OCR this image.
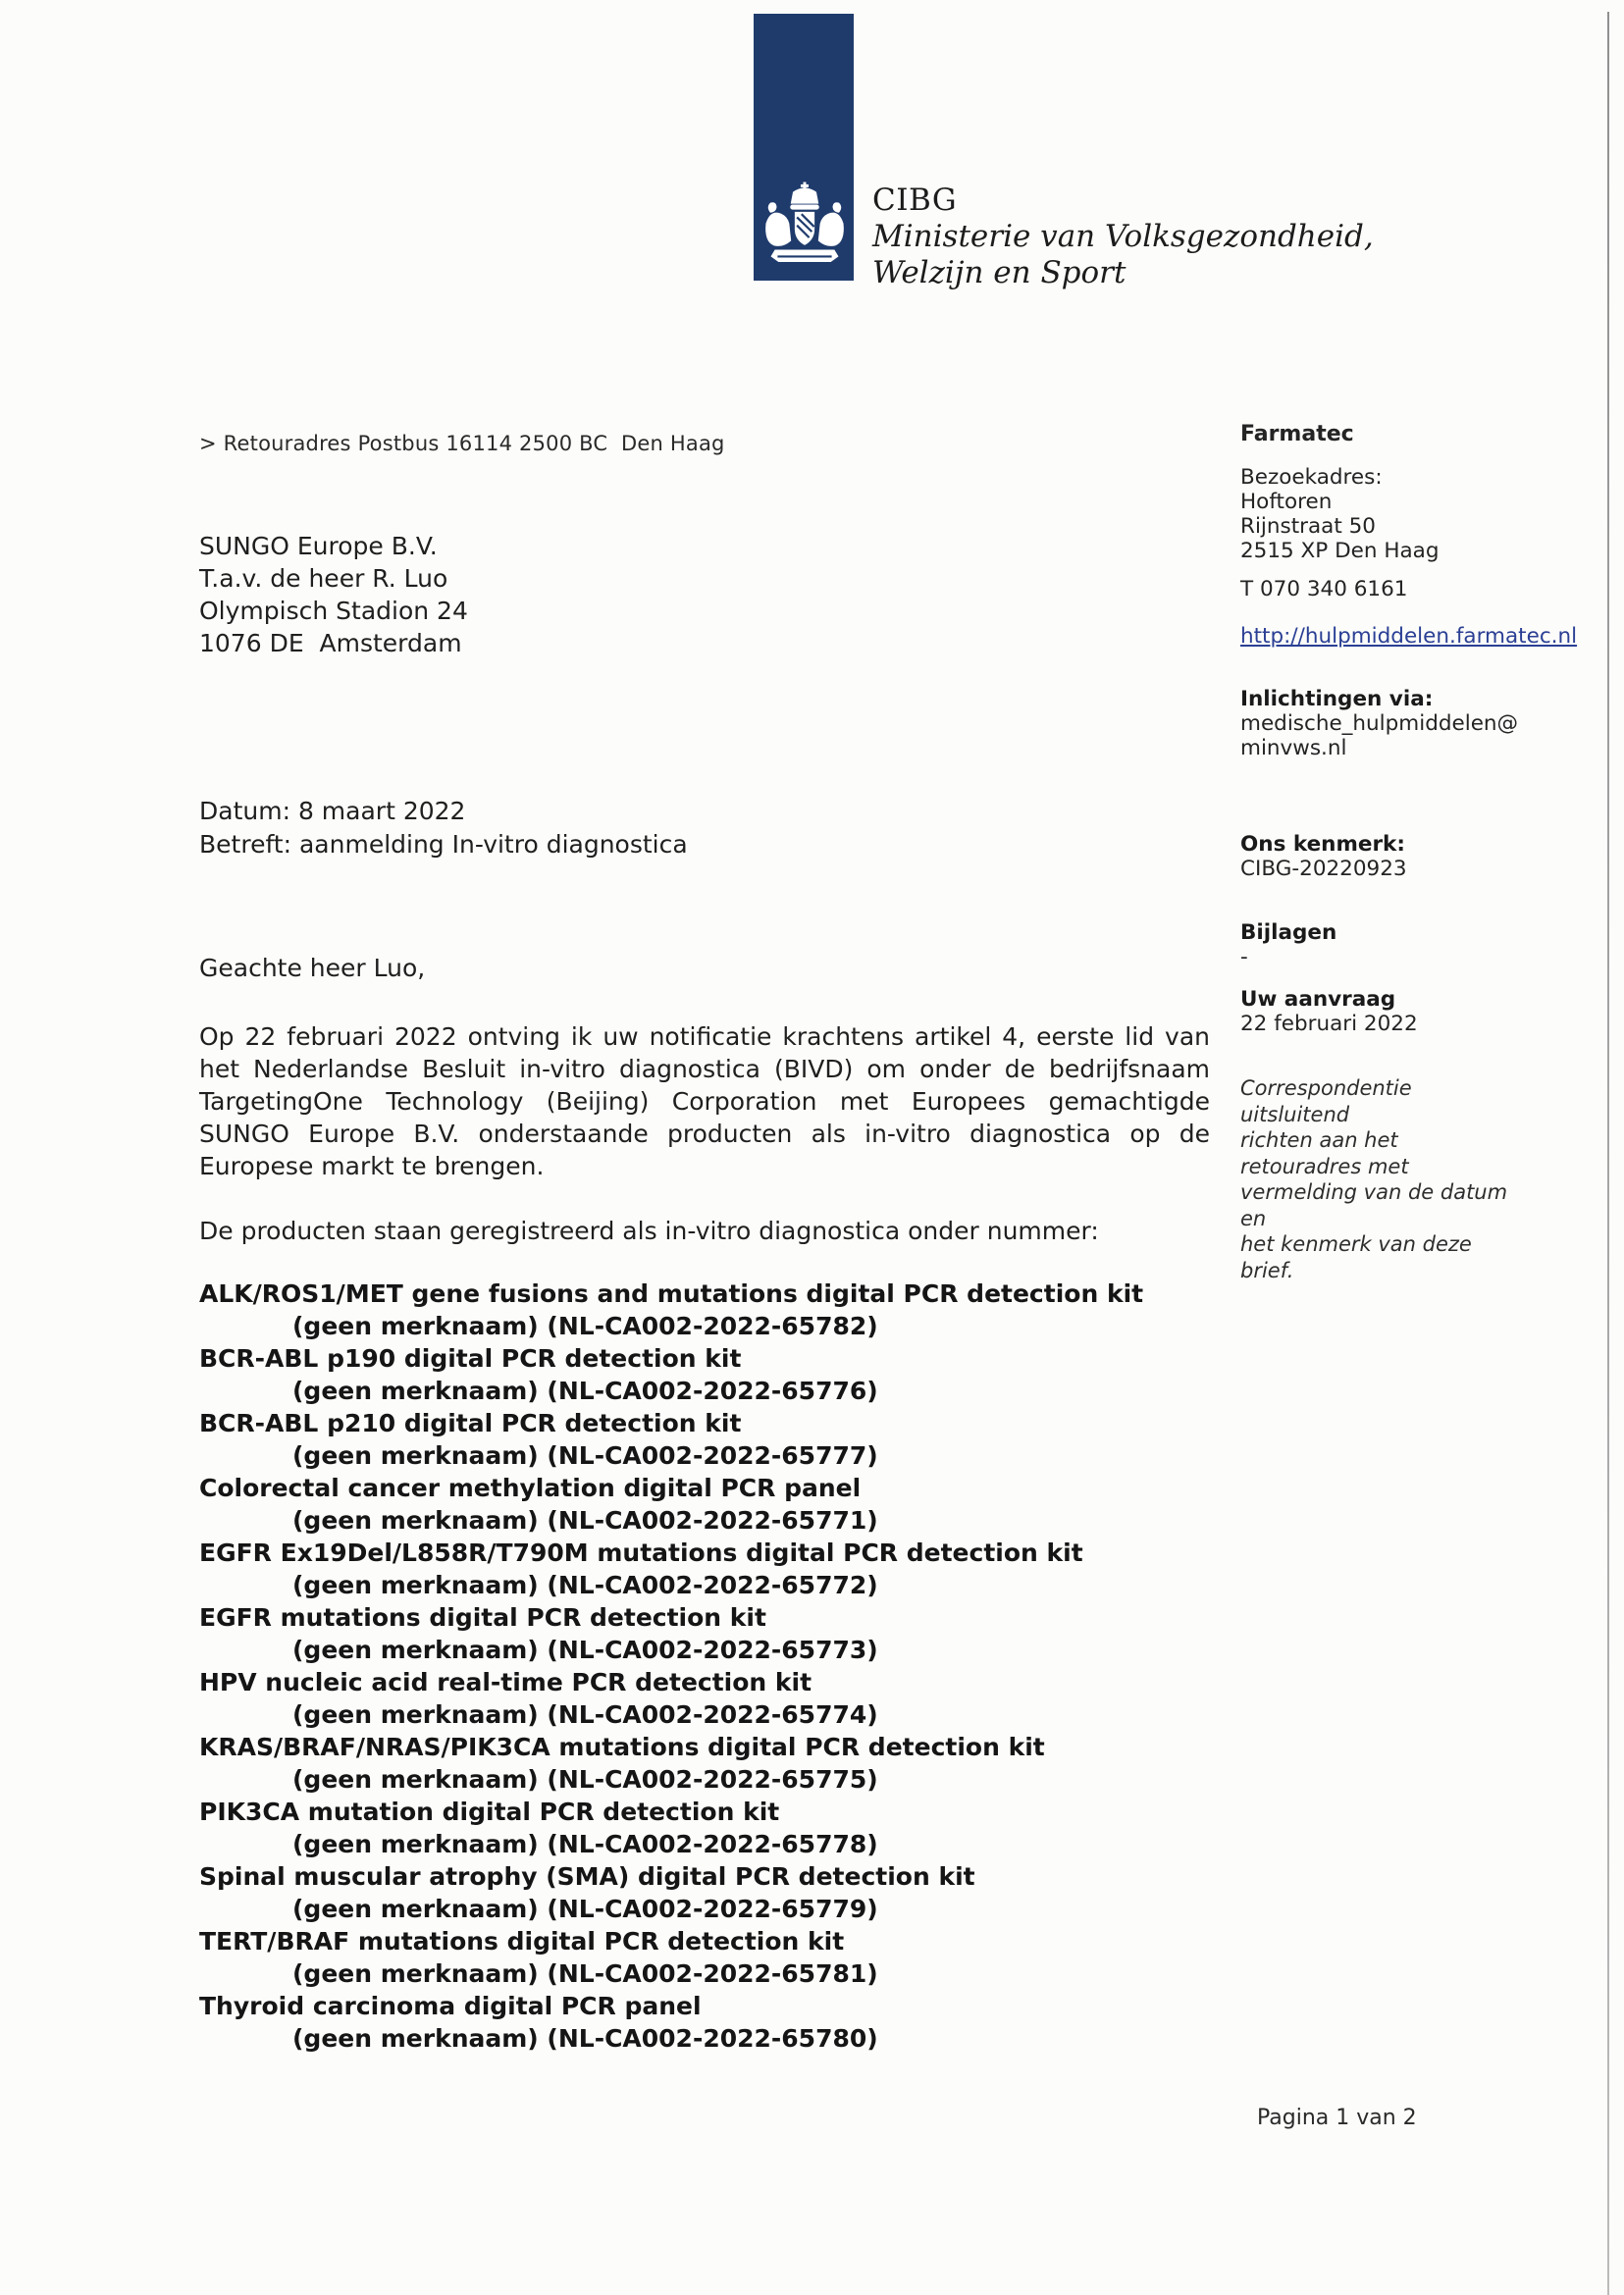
CIBG
Ministerie van Volksgezondheid,
Welzijn en Sport
> Retouradres Postbus 16114 2500 BC  Den Haag
SUNGO Europe B.V.
T.a.v. de heer R. Luo
Olympisch Stadion 24
1076 DE  Amsterdam
Datum: 8 maart 2022
Betreft: aanmelding In-vitro diagnostica
Geachte heer Luo,
Op 22 februari 2022 ontving ik uw notificatie krachtens artikel 4, eerste lid van het Nederlandse Besluit in-vitro diagnostica (BIVD) om onder de bedrijfsnaam TargetingOne Technology (Beijing) Corporation met Europees gemachtigde SUNGO Europe B.V. onderstaande producten als in-vitro diagnostica op de Europese markt te brengen.
De producten staan geregistreerd als in-vitro diagnostica onder nummer:
ALK/ROS1/MET gene fusions and mutations digital PCR detection kit
(geen merknaam) (NL-CA002-2022-65782)
BCR-ABL p190 digital PCR detection kit
(geen merknaam) (NL-CA002-2022-65776)
BCR-ABL p210 digital PCR detection kit
(geen merknaam) (NL-CA002-2022-65777)
Colorectal cancer methylation digital PCR panel
(geen merknaam) (NL-CA002-2022-65771)
EGFR Ex19Del/L858R/T790M mutations digital PCR detection kit
(geen merknaam) (NL-CA002-2022-65772)
EGFR mutations digital PCR detection kit
(geen merknaam) (NL-CA002-2022-65773)
HPV nucleic acid real-time PCR detection kit
(geen merknaam) (NL-CA002-2022-65774)
KRAS/BRAF/NRAS/PIK3CA mutations digital PCR detection kit
(geen merknaam) (NL-CA002-2022-65775)
PIK3CA mutation digital PCR detection kit
(geen merknaam) (NL-CA002-2022-65778)
Spinal muscular atrophy (SMA) digital PCR detection kit
(geen merknaam) (NL-CA002-2022-65779)
TERT/BRAF mutations digital PCR detection kit
(geen merknaam) (NL-CA002-2022-65781)
Thyroid carcinoma digital PCR panel
(geen merknaam) (NL-CA002-2022-65780)
Pagina 1 van 2
Farmatec
Bezoekadres:
Hoftoren
Rijnstraat 50
2515 XP Den Haag
T 070 340 6161
http://hulpmiddelen.farmatec.nl
Inlichtingen via:
medische_hulpmiddelen@
minvws.nl
Ons kenmerk:
CIBG-20220923
Bijlagen
-
Uw aanvraag
22 februari 2022
Correspondentie uitsluitend
richten aan het retouradres met
vermelding van de datum en
het kenmerk van deze brief.
